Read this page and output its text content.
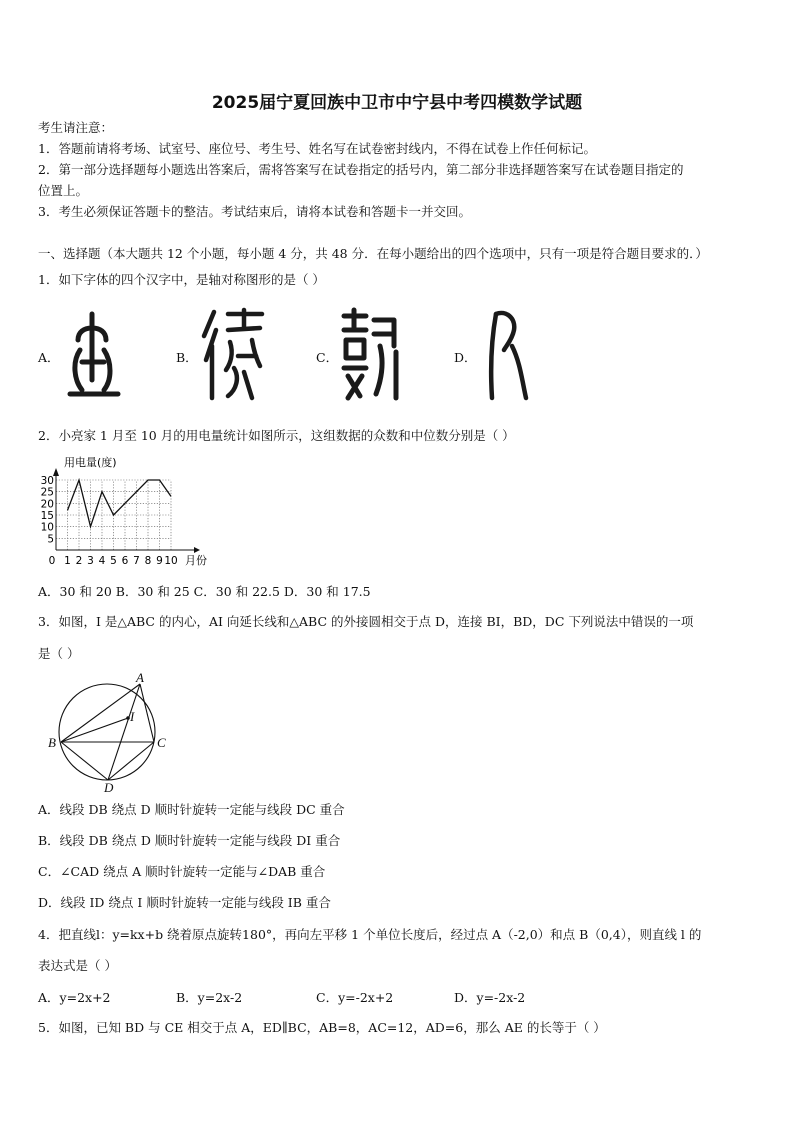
2025届宁夏回族中卫市中宁县中考四模数学试题
考生请注意：
1．答题前请将考场、试室号、座位号、考生号、姓名写在试卷密封线内，不得在试卷上作任何标记。
2．第一部分选择题每小题选出答案后，需将答案写在试卷指定的括号内，第二部分非选择题答案写在试卷题目指定的
位置上。
3．考生必须保证答题卡的整洁。考试结束后，请将本试卷和答题卡一并交回。
一、选择题（本大题共 12 个小题，每小题 4 分，共 48 分．在每小题给出的四个选项中，只有一项是符合题目要求的．）
1．如下字体的四个汉字中，是轴对称图形的是（ ）
A．	B．	C．	D．
2．小亮家 1 月至 10 月的用电量统计如图所示，这组数据的众数和中位数分别是（ ）
用电量(度)
月份
5
10
15
20
25
30
0 1 2 3 4 5 6 7 8 9 10
A．30 和 20 B．30 和 25 C．30 和 22.5 D．30 和 17.5
3．如图，I 是△ABC 的内心，AI 向延长线和△ABC 的外接圆相交于点 D，连接 BI，BD，DC 下列说法中错误的一项
是（ ）
A
B	C
D
I
A．线段 DB 绕点 D 顺时针旋转一定能与线段 DC 重合
B．线段 DB 绕点 D 顺时针旋转一定能与线段 DI 重合
C．∠CAD 绕点 A 顺时针旋转一定能与∠DAB 重合
D．线段 ID 绕点 I 顺时针旋转一定能与线段 IB 重合
4．把直线l：y=kx+b 绕着原点旋转180°，再向左平移 1 个单位长度后，经过点 A（-2,0）和点 B（0,4），则直线 l 的
表达式是（ ）
A．y=2x+2	B．y=2x-2	C．y=-2x+2	D．y=-2x-2
5．如图，已知 BD 与 CE 相交于点 A，ED∥BC，AB=8，AC=12，AD=6，那么 AE 的长等于（ ）
